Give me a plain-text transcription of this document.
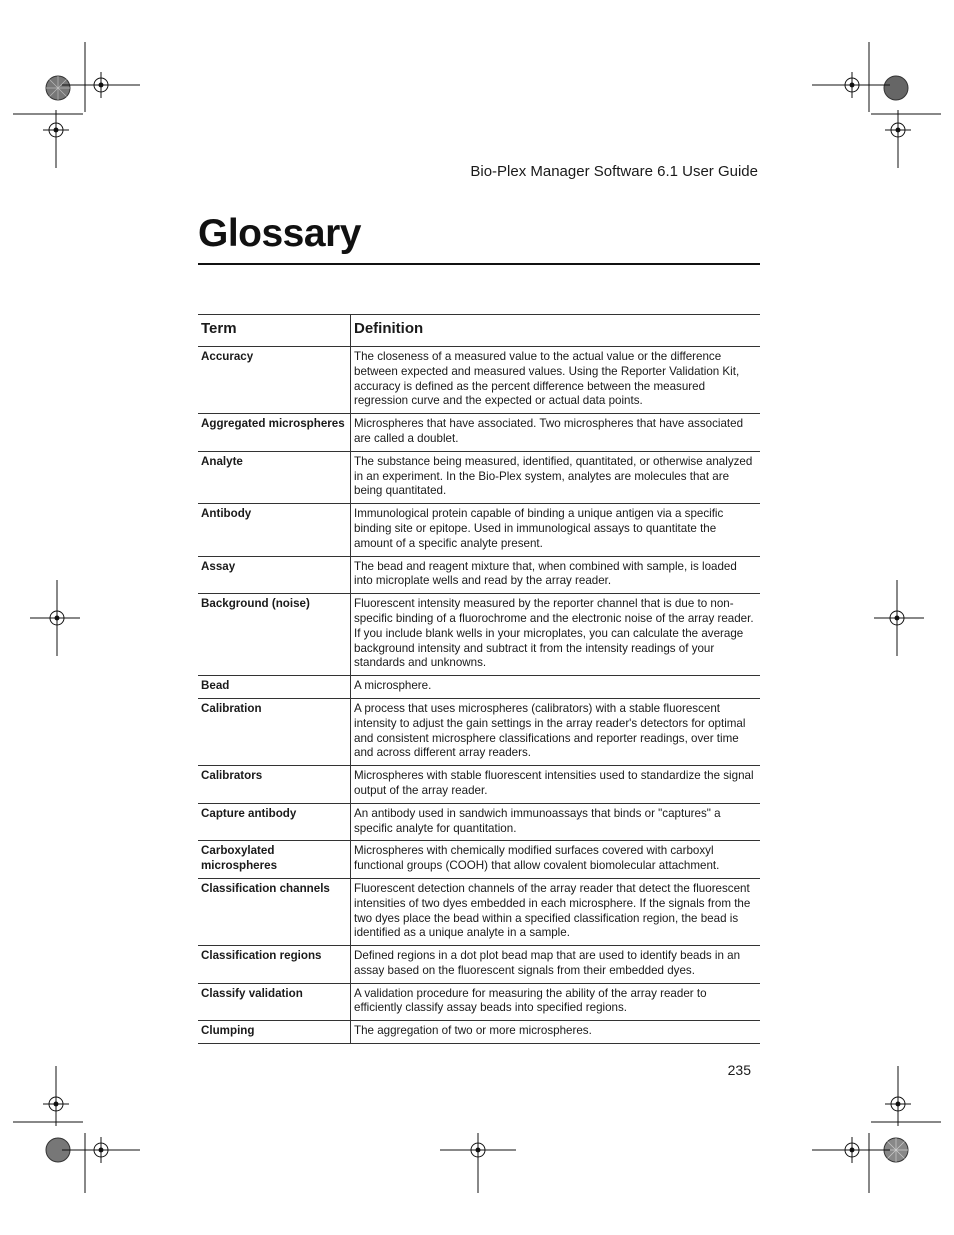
Bio-Plex Manager Software 6.1 User Guide
Glossary
Term	Definition
Accuracy	The closeness of a measured value to the actual value or the difference between expected and measured values. Using the Reporter Validation Kit, accuracy is defined as the percent difference between the measured regression curve and the expected or actual data points.
Aggregated microspheres	Microspheres that have associated. Two microspheres that have associated are called a doublet.
Analyte	The substance being measured, identified, quantitated, or otherwise analyzed in an experiment. In the Bio-Plex system, analytes are molecules that are being quantitated.
Antibody	Immunological protein capable of binding a unique antigen via a specific binding site or epitope. Used in immunological assays to quantitate the amount of a specific analyte present.
Assay	The bead and reagent mixture that, when combined with sample, is loaded into microplate wells and read by the array reader.
Background (noise)	Fluorescent intensity measured by the reporter channel that is due to non-specific binding of a fluorochrome and the electronic noise of the array reader. If you include blank wells in your microplates, you can calculate the average background intensity and subtract it from the intensity readings of your standards and unknowns.
Bead	A microsphere.
Calibration	A process that uses microspheres (calibrators) with a stable fluorescent intensity to adjust the gain settings in the array reader's detectors for optimal and consistent microsphere classifications and reporter readings, over time and across different array readers.
Calibrators	Microspheres with stable fluorescent intensities used to standardize the signal output of the array reader.
Capture antibody	An antibody used in sandwich immunoassays that binds or "captures" a specific analyte for quantitation.
Carboxylated microspheres	Microspheres with chemically modified surfaces covered with carboxyl functional groups (COOH) that allow covalent biomolecular attachment.
Classification channels	Fluorescent detection channels of the array reader that detect the fluorescent intensities of two dyes embedded in each microsphere. If the signals from the two dyes place the bead within a specified classification region, the bead is identified as a unique analyte in a sample.
Classification regions	Defined regions in a dot plot bead map that are used to identify beads in an assay based on the fluorescent signals from their embedded dyes.
Classify validation	A validation procedure for measuring the ability of the array reader to efficiently classify assay beads into specified regions.
Clumping	The aggregation of two or more microspheres.
235
